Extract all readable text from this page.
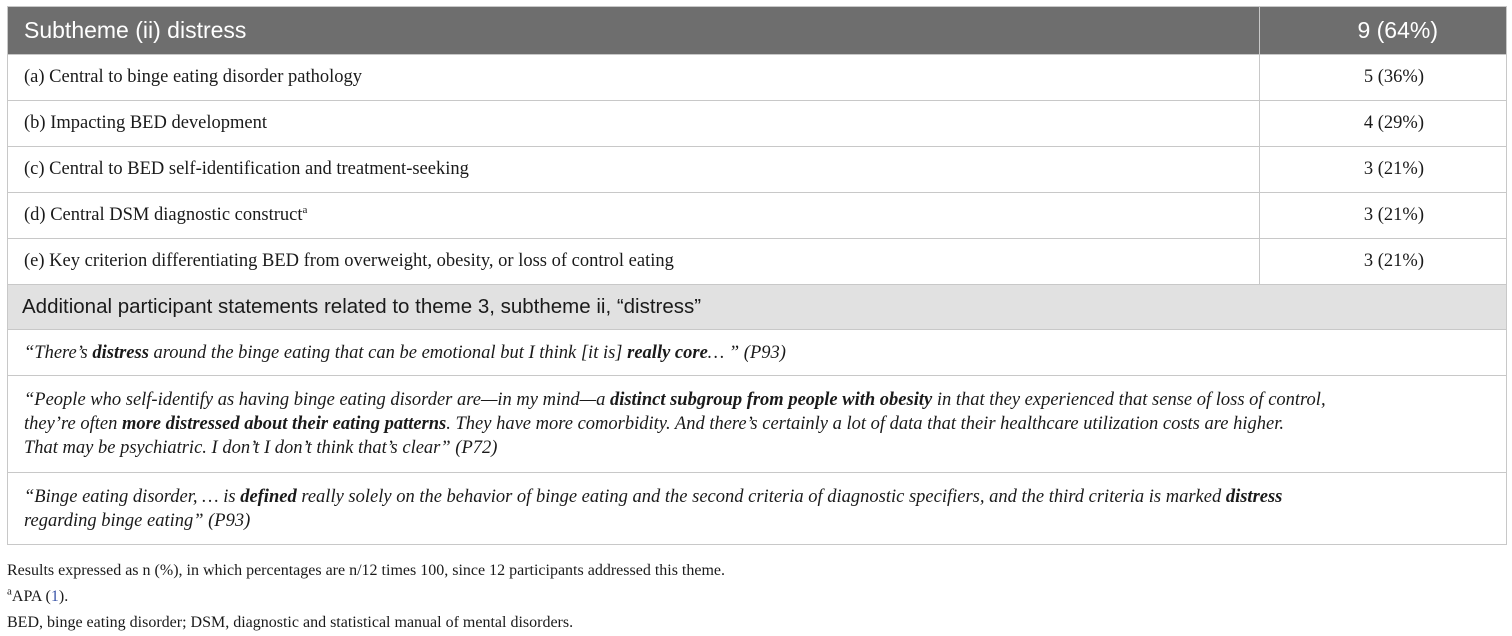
Subtheme (ii) distress	9 (64%)
(a) Central to binge eating disorder pathology	5 (36%)
(b) Impacting BED development	4 (29%)
(c) Central to BED self-identification and treatment-seeking	3 (21%)
(d) Central DSM diagnostic construct$^a$	3 (21%)
(e) Key criterion differentiating BED from overweight, obesity, or loss of control eating	3 (21%)
Additional participant statements related to theme 3, subtheme ii, “distress”	
“There’s distress around the binge eating that can be emotional but I think [it is] really core… ” (P93)	
“People who self-identify as having binge eating disorder are—in my mind—a distinct subgroup from people with obesity in that they experienced that sense of loss of control,
they’re often more distressed about their eating patterns. They have more comorbidity. And there’s certainly a lot of data that their healthcare utilization costs are higher.
That may be psychiatric. I don’t I don’t think that’s clear” (P72)	
“Binge eating disorder, … is defined really solely on the behavior of binge eating and the second criteria of diagnostic specifiers, and the third criteria is marked distress
regarding binge eating” (P93)	
Results expressed as n (%), in which percentages are n/12 times 100, since 12 participants addressed this theme.
$^a$APA (1).
BED, binge eating disorder; DSM, diagnostic and statistical manual of mental disorders.
